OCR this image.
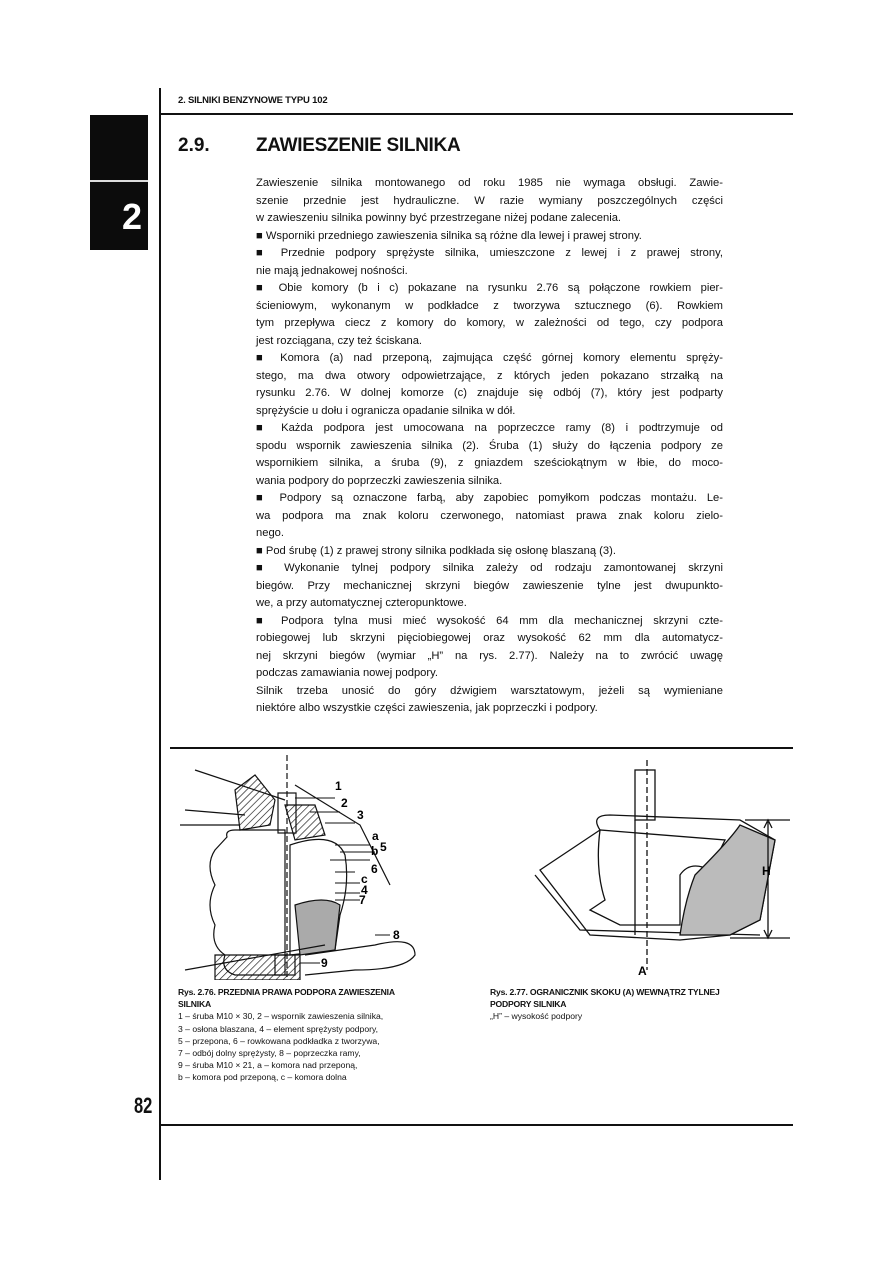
2. SILNIKI BENZYNOWE TYPU 102
2
2.9. ZAWIESZENIE SILNIKA
Zawieszenie silnika montowanego od roku 1985 nie wymaga obsługi. Zawie-
szenie przednie jest hydrauliczne. W razie wymiany poszczególnych części
w zawieszeniu silnika powinny być przestrzegane niżej podane zalecenia.
■ Wsporniki przedniego zawieszenia silnika są różne dla lewej i prawej strony.
■ Przednie podpory sprężyste silnika, umieszczone z lewej i z prawej strony,
nie mają jednakowej nośności.
■ Obie komory (b i c) pokazane na rysunku 2.76 są połączone rowkiem pier-
ścieniowym, wykonanym w podkładce z tworzywa sztucznego (6). Rowkiem
tym przepływa ciecz z komory do komory, w zależności od tego, czy podpora
jest rozciągana, czy też ściskana.
■ Komora (a) nad przeponą, zajmująca część górnej komory elementu spręży-
stego, ma dwa otwory odpowietrzające, z których jeden pokazano strzałką na
rysunku 2.76. W dolnej komorze (c) znajduje się odbój (7), który jest podparty
sprężyście u dołu i ogranicza opadanie silnika w dół.
■ Każda podpora jest umocowana na poprzeczce ramy (8) i podtrzymuje od
spodu wspornik zawieszenia silnika (2). Śruba (1) służy do łączenia podpory ze
wspornikiem silnika, a śruba (9), z gniazdem sześciokątnym w łbie, do moco-
wania podpory do poprzeczki zawieszenia silnika.
■ Podpory są oznaczone farbą, aby zapobiec pomyłkom podczas montażu. Le-
wa podpora ma znak koloru czerwonego, natomiast prawa znak koloru zielo-
nego.
■ Pod śrubę (1) z prawej strony silnika podkłada się osłonę blaszaną (3).
■ Wykonanie tylnej podpory silnika zależy od rodzaju zamontowanej skrzyni
biegów. Przy mechanicznej skrzyni biegów zawieszenie tylne jest dwupunkto-
we, a przy automatycznej czteropunktowe.
■ Podpora tylna musi mieć wysokość 64 mm dla mechanicznej skrzyni czte-
robiegowej lub skrzyni pięciobiegowej oraz wysokość 62 mm dla automatycz-
nej skrzyni biegów (wymiar „H” na rys. 2.77). Należy na to zwrócić uwagę
podczas zamawiania nowej podpory.
Silnik trzeba unosić do góry dźwigiem warsztatowym, jeżeli są wymieniane
niektóre albo wszystkie części zawieszenia, jak poprzeczki i podpory.
1
2
3
a
5
b
6
c
4
7
8
9
H
A
Rys. 2.76. PRZEDNIA PRAWA PODPORA ZAWIESZENIA
SILNIKA
1 – śruba M10 × 30, 2 – wspornik zawieszenia silnika,
3 – osłona blaszana, 4 – element sprężysty podpory,
5 – przepona, 6 – rowkowana podkładka z tworzywa,
7 – odbój dolny sprężysty, 8 – poprzeczka ramy,
9 – śruba M10 × 21, a – komora nad przeponą,
b – komora pod przeponą, c – komora dolna
Rys. 2.77. OGRANICZNIK SKOKU (A) WEWNĄTRZ TYLNEJ
PODPORY SILNIKA
„H” – wysokość podpory
82
